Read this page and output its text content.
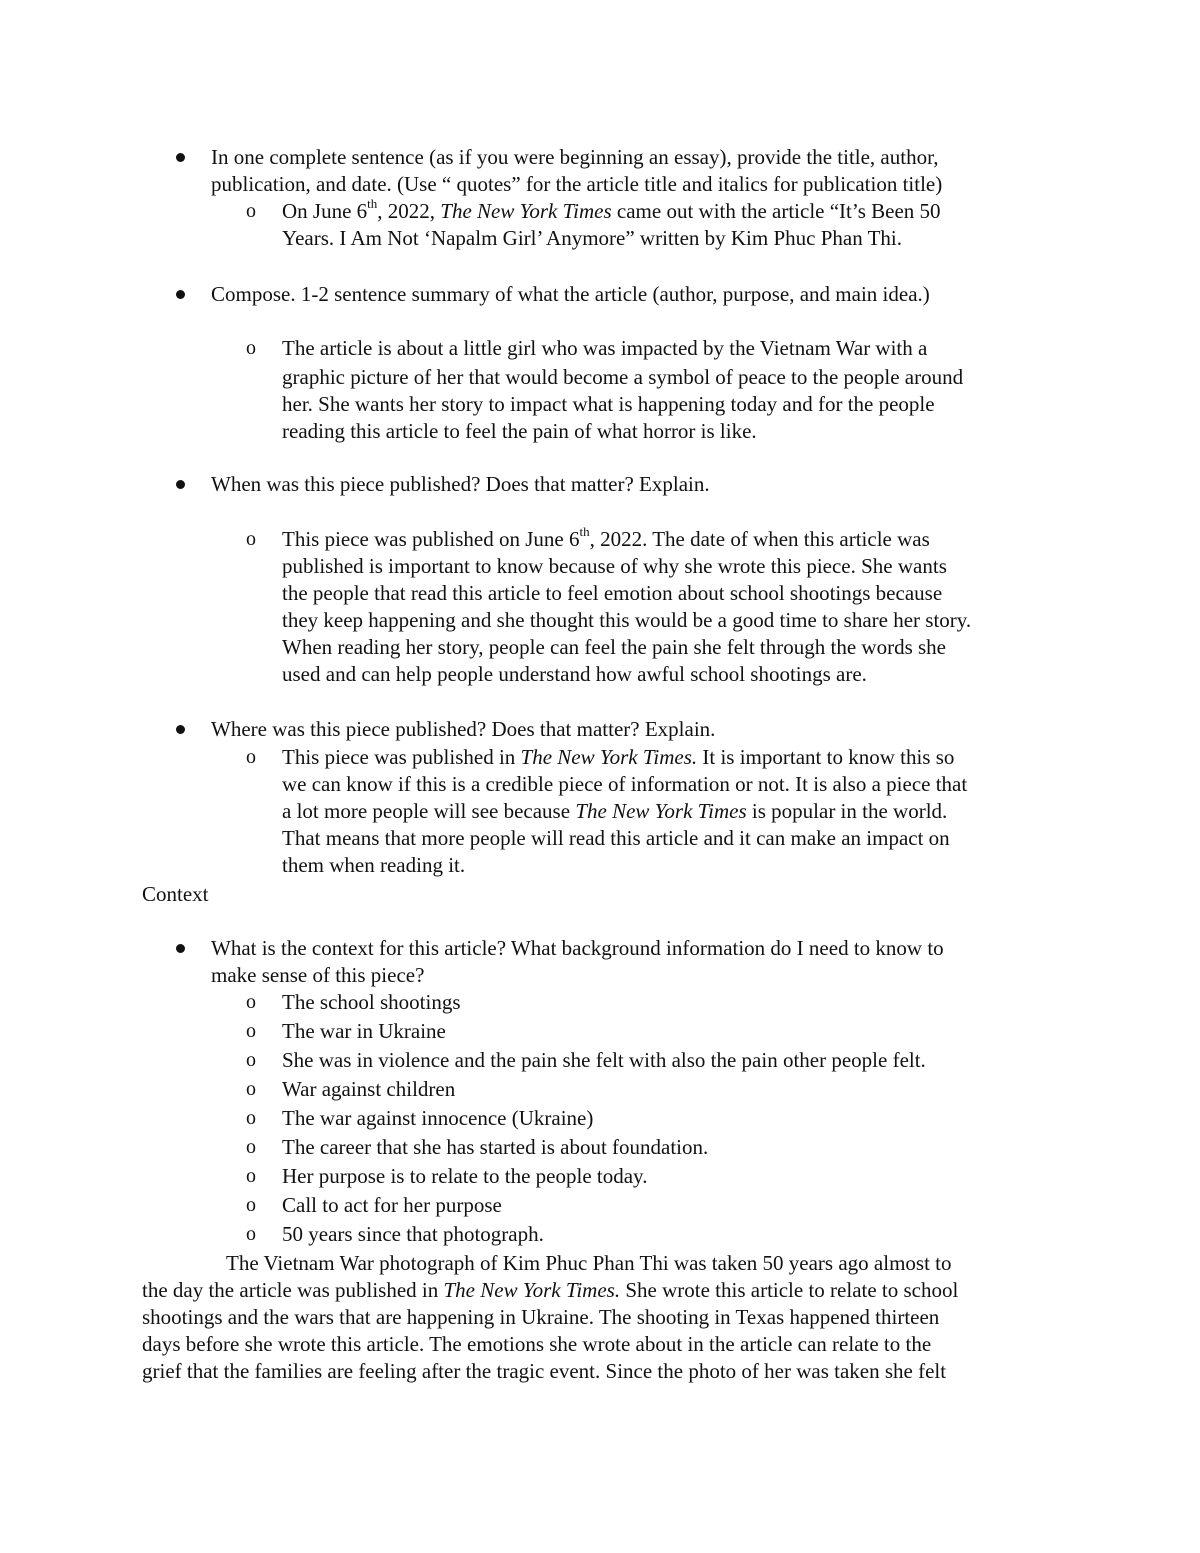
In one complete sentence (as if you were beginning an essay), provide the title, author,
publication, and date. (Use “ quotes” for the article title and italics for publication title)
o On June 6th, 2022, The New York Times came out with the article “It’s Been 50
Years. I Am Not ‘Napalm Girl’ Anymore” written by Kim Phuc Phan Thi.
Compose. 1-2 sentence summary of what the article (author, purpose, and main idea.)
o The article is about a little girl who was impacted by the Vietnam War with a
graphic picture of her that would become a symbol of peace to the people around
her. She wants her story to impact what is happening today and for the people
reading this article to feel the pain of what horror is like.
When was this piece published? Does that matter? Explain.
o This piece was published on June 6th, 2022. The date of when this article was
published is important to know because of why she wrote this piece. She wants
the people that read this article to feel emotion about school shootings because
they keep happening and she thought this would be a good time to share her story.
When reading her story, people can feel the pain she felt through the words she
used and can help people understand how awful school shootings are.
Where was this piece published? Does that matter? Explain.
o This piece was published in The New York Times. It is important to know this so
we can know if this is a credible piece of information or not. It is also a piece that
a lot more people will see because The New York Times is popular in the world.
That means that more people will read this article and it can make an impact on
them when reading it.
Context
What is the context for this article? What background information do I need to know to
make sense of this piece?
o The school shootings
o The war in Ukraine
o She was in violence and the pain she felt with also the pain other people felt.
o War against children
o The war against innocence (Ukraine)
o The career that she has started is about foundation.
o Her purpose is to relate to the people today.
o Call to act for her purpose
o 50 years since that photograph.
The Vietnam War photograph of Kim Phuc Phan Thi was taken 50 years ago almost to
the day the article was published in The New York Times. She wrote this article to relate to school
shootings and the wars that are happening in Ukraine. The shooting in Texas happened thirteen
days before she wrote this article. The emotions she wrote about in the article can relate to the
grief that the families are feeling after the tragic event. Since the photo of her was taken she felt
